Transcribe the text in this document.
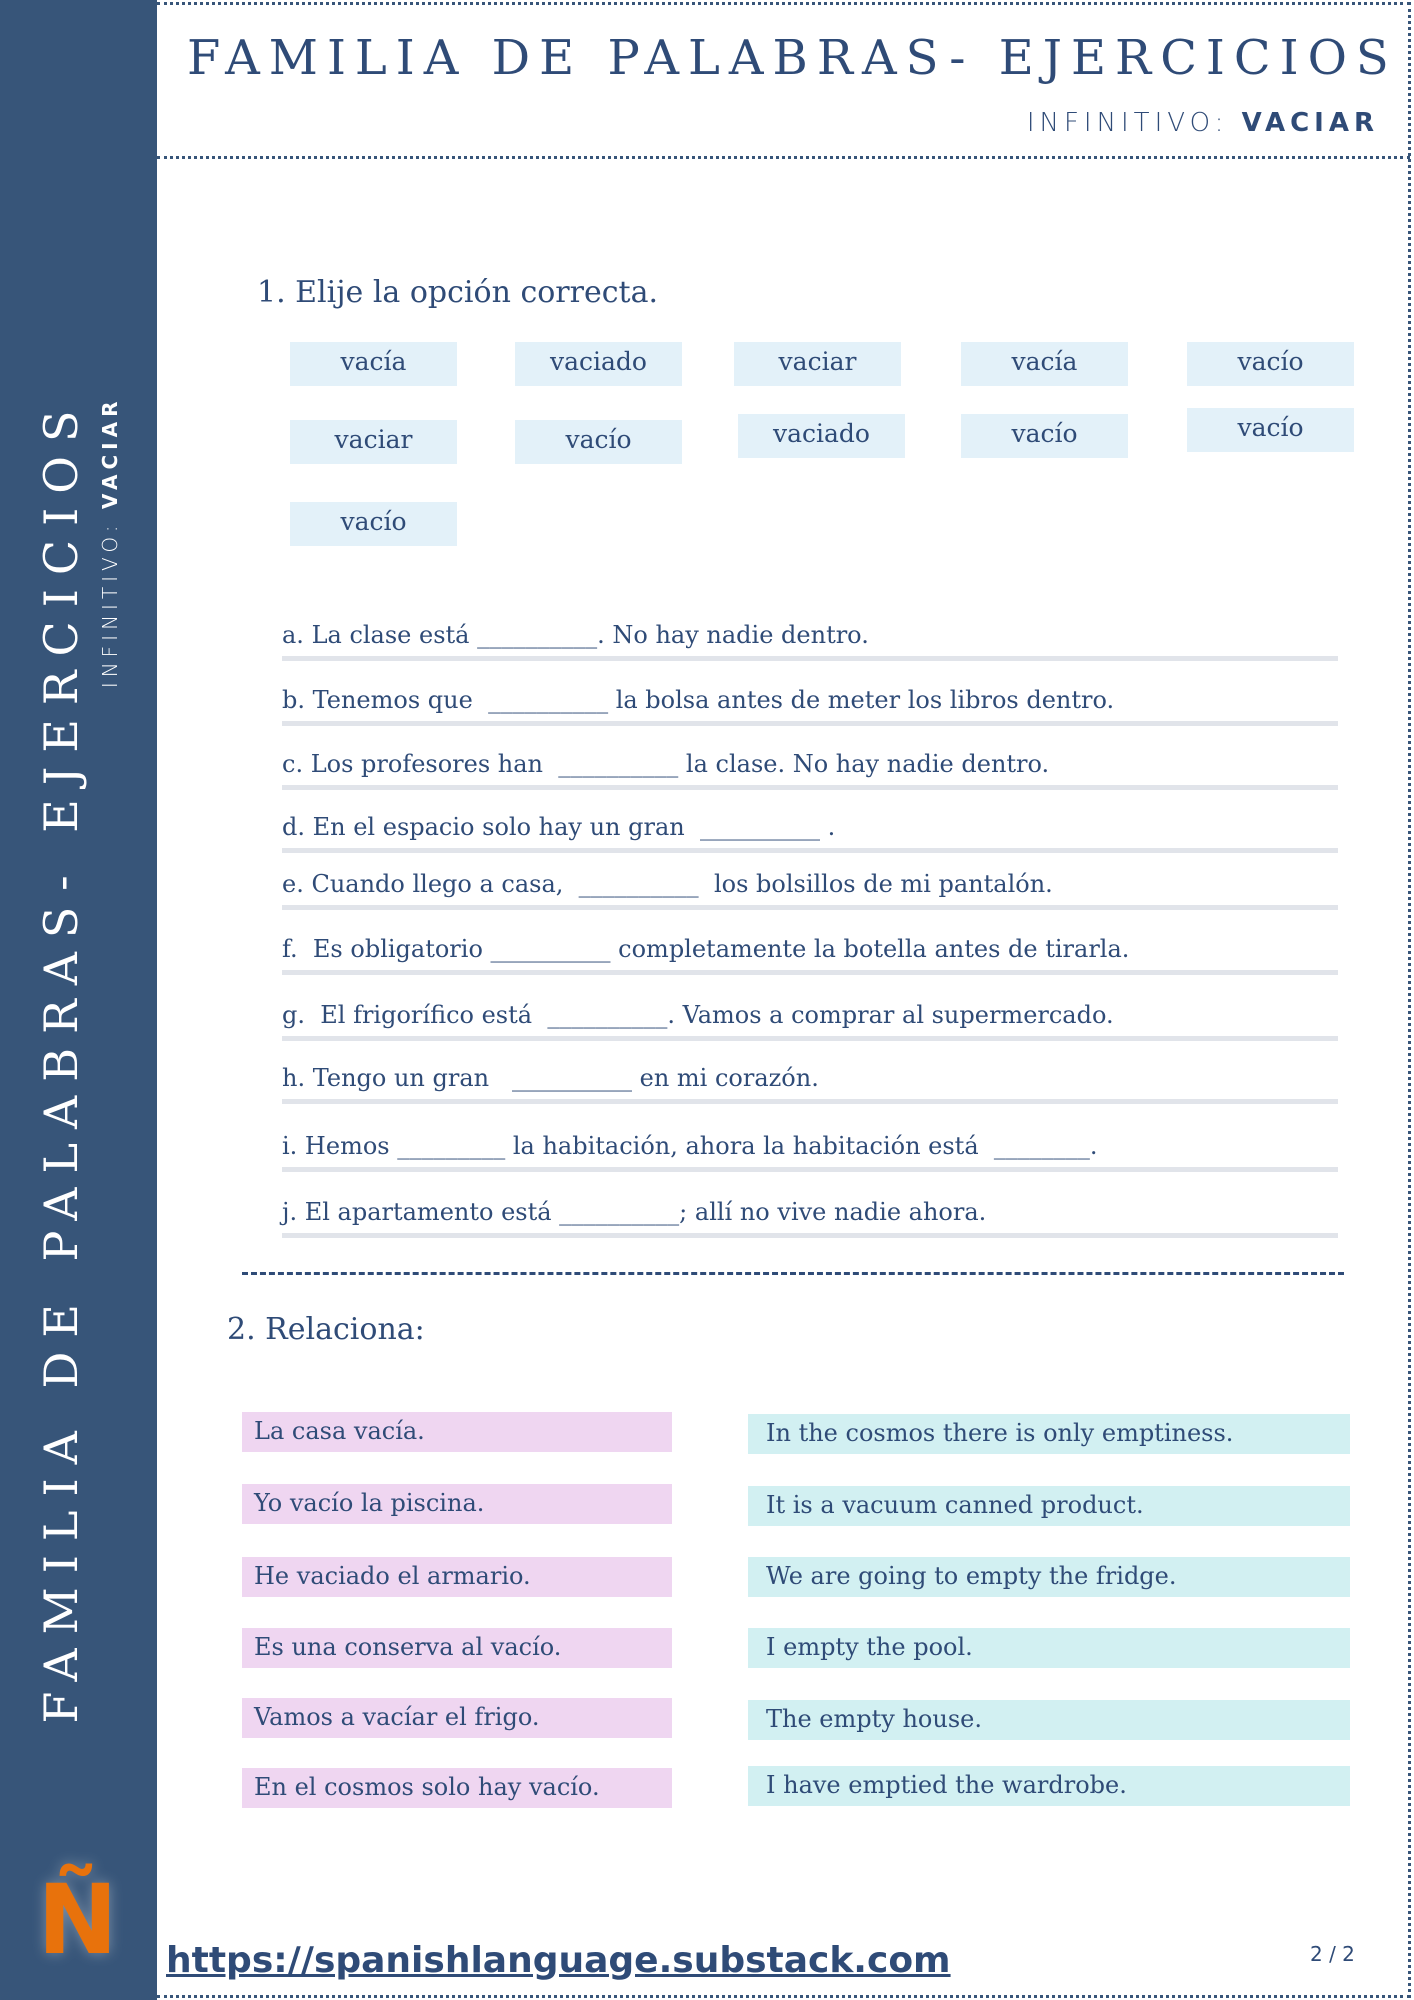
FAMILIA DE PALABRAS- EJERCICIOS INFINITIVO: VACIAR
Ñ
FAMILIA DE PALABRAS- EJERCICIOS
INFINITIVO: VACIAR
1. Elije la opción correcta.
vacía	vaciado	vaciar	vacía	vacío
vaciar	vacío	vaciado	vacío	vacío
vacío
a. La clase está __________. No hay nadie dentro.
b. Tenemos que  __________ la bolsa antes de meter los libros dentro.
c. Los profesores han  __________ la clase. No hay nadie dentro.
d. En el espacio solo hay un gran  __________ .
e. Cuando llego a casa,  __________  los bolsillos de mi pantalón.
f.  Es obligatorio __________ completamente la botella antes de tirarla.
g.  El frigorífico está  __________. Vamos a comprar al supermercado.
h. Tengo un gran   __________ en mi corazón.
i. Hemos _________ la habitación, ahora la habitación está  ________.
j. El apartamento está __________; allí no vive nadie ahora.
2. Relaciona:
La casa vacía.
Yo vacío la piscina.
He vaciado el armario.
Es una conserva al vacío.
Vamos a vacíar el frigo.
En el cosmos solo hay vacío.
In the cosmos there is only emptiness.
It is a vacuum canned product.
We are going to empty the fridge.
I empty the pool.
The empty house.
I have emptied the wardrobe.
https://spanishlanguage.substack.com	2 / 2
